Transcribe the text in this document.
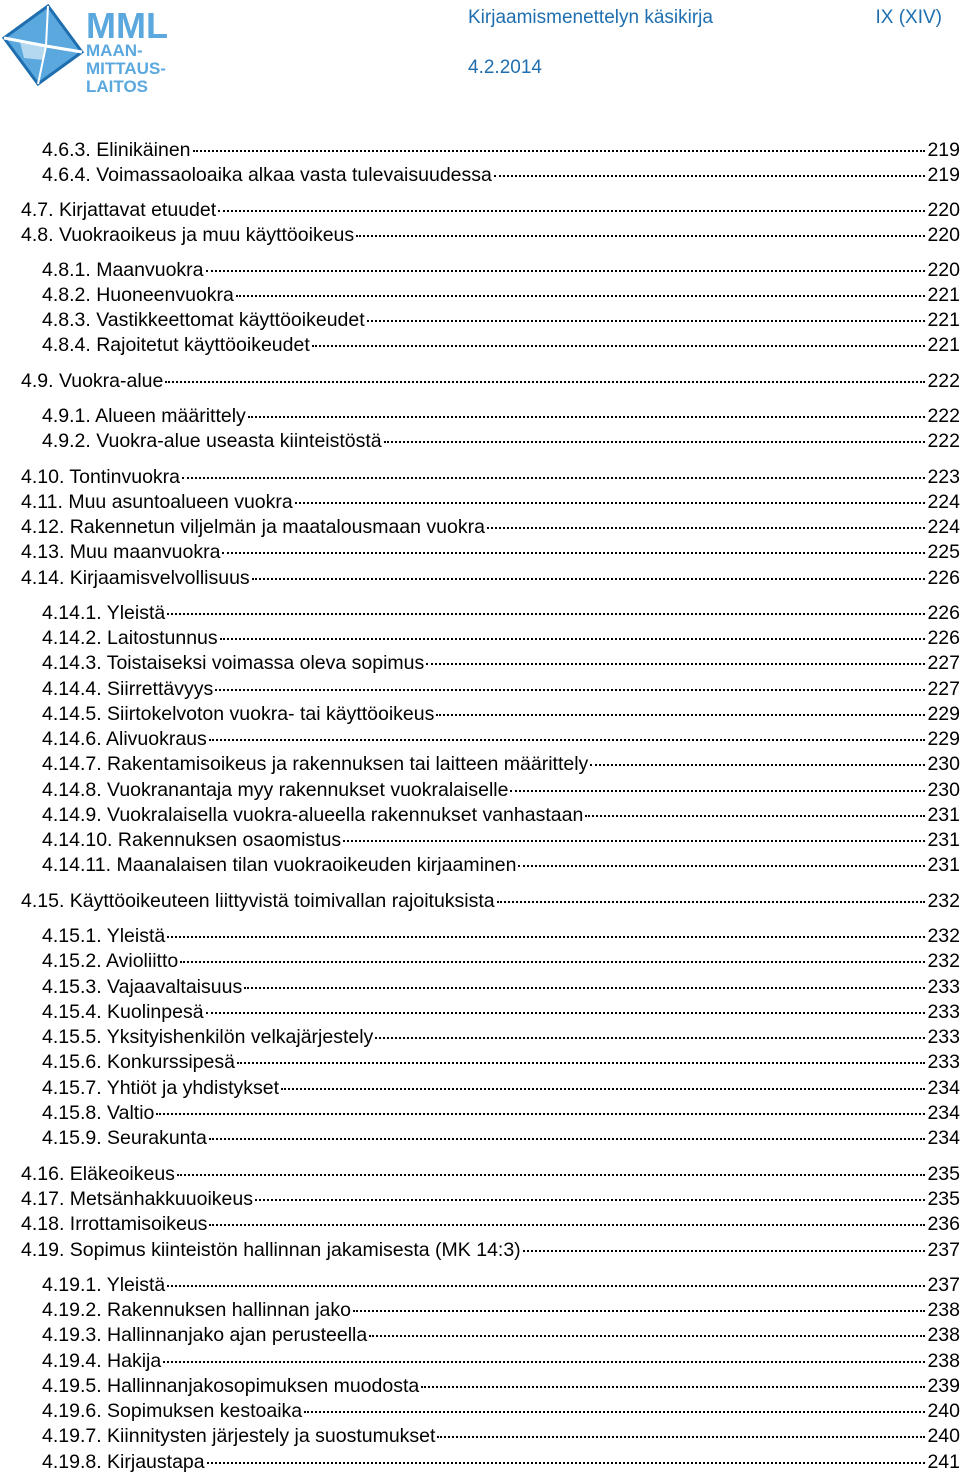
MML
MAAN-
MITTAUS-
LAITOS
Kirjaamismenettelyn käsikirja	IX (XIV)
4.2.2014
4.6.3. Elinikäinen	219
4.6.4. Voimassaoloaika alkaa vasta tulevaisuudessa	219
4.7. Kirjattavat etuudet	220
4.8. Vuokraoikeus ja muu käyttöoikeus	220
4.8.1. Maanvuokra	220
4.8.2. Huoneenvuokra	221
4.8.3. Vastikkeettomat käyttöoikeudet	221
4.8.4. Rajoitetut käyttöoikeudet	221
4.9. Vuokra-alue	222
4.9.1. Alueen määrittely	222
4.9.2. Vuokra-alue useasta kiinteistöstä	222
4.10. Tontinvuokra	223
4.11. Muu asuntoalueen vuokra	224
4.12. Rakennetun viljelmän ja maatalousmaan vuokra	224
4.13. Muu maanvuokra	225
4.14. Kirjaamisvelvollisuus	226
4.14.1. Yleistä	226
4.14.2. Laitostunnus	226
4.14.3. Toistaiseksi voimassa oleva sopimus	227
4.14.4. Siirrettävyys	227
4.14.5. Siirtokelvoton vuokra- tai käyttöoikeus	229
4.14.6. Alivuokraus	229
4.14.7. Rakentamisoikeus ja rakennuksen tai laitteen määrittely	230
4.14.8. Vuokranantaja myy rakennukset vuokralaiselle	230
4.14.9. Vuokralaisella vuokra-alueella rakennukset vanhastaan	231
4.14.10. Rakennuksen osaomistus	231
4.14.11. Maanalaisen tilan vuokraoikeuden kirjaaminen	231
4.15. Käyttöoikeuteen liittyvistä toimivallan rajoituksista	232
4.15.1. Yleistä	232
4.15.2. Avioliitto	232
4.15.3. Vajaavaltaisuus	233
4.15.4. Kuolinpesä	233
4.15.5. Yksityishenkilön velkajärjestely	233
4.15.6. Konkurssipesä	233
4.15.7. Yhtiöt ja yhdistykset	234
4.15.8. Valtio	234
4.15.9. Seurakunta	234
4.16. Eläkeoikeus	235
4.17. Metsänhakkuuoikeus	235
4.18. Irrottamisoikeus	236
4.19. Sopimus kiinteistön hallinnan jakamisesta (MK 14:3)	237
4.19.1. Yleistä	237
4.19.2. Rakennuksen hallinnan jako	238
4.19.3. Hallinnanjako ajan perusteella	238
4.19.4. Hakija	238
4.19.5. Hallinnanjakosopimuksen muodosta	239
4.19.6. Sopimuksen kestoaika	240
4.19.7. Kiinnitysten järjestely ja suostumukset	240
4.19.8. Kirjaustapa	241
